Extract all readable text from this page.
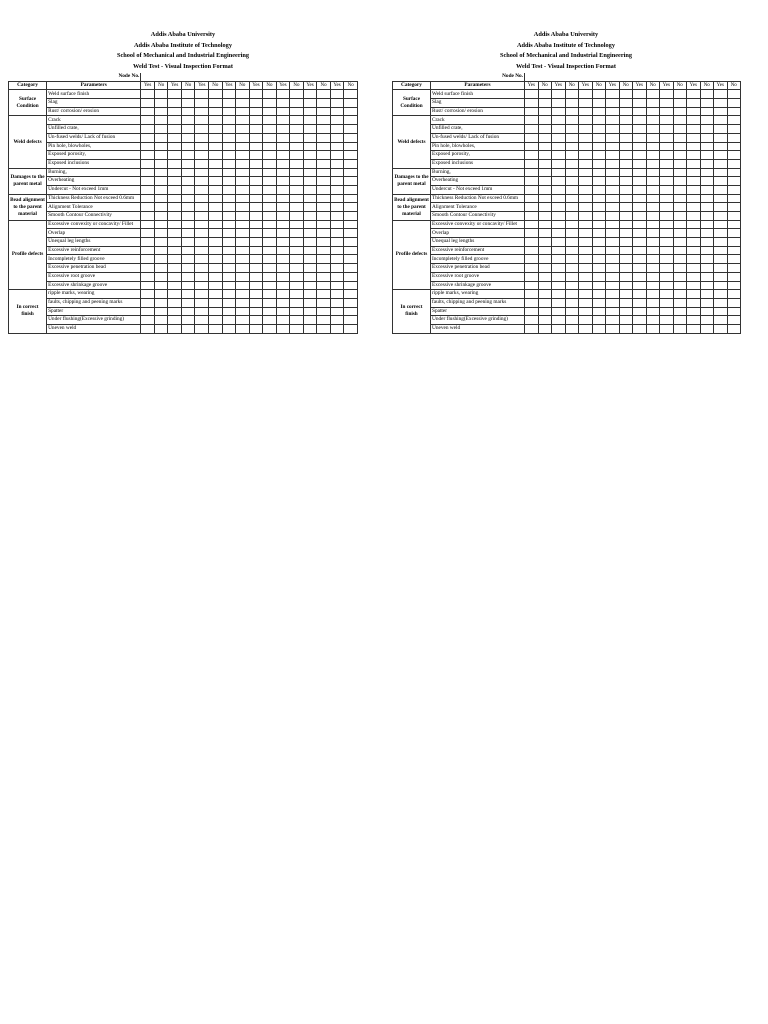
Addis Ababa University
Addis Ababa Institute of Technology
School of Mechanical and Industrial Engineering
Weld Test - Visual Inspection Format
	Node No.																
Category	Parameters	Yes	No	Yes	No	Yes	No	Yes	No	Yes	No	Yes	No	Yes	No	Yes	No
Surface Condition	Weld surface finish																
	Slag																
	Rust/ corrosion/ erosion																
Weld defects	Crack																
	Unfilled crate,																
	Un-fused welds/ Lack of fusion																
	Pin hole, blowholes,																
	Exposed porosity,																
	Exposed inclusions																
Damages to the parent metal	Burning,																
	Overheating																
	Undercut - Not exceed 1mm																
Bead alignment to the parent material	Thickness Reduction Not exceed 0.6mm																
	Alignment Tolerance																
	Smooth Contour Connectivity																
Profile defects	Excessive convexity or concavity/ Fillet																
	Overlap																
	Unequal leg lengths																
	Excessive reinforcement																
	Incompletely filled groove																
	Excessive penetration bead																
	Excessive root groove																
	Excessive shrinkage groove																
In correct finish	ripple marks, wearing																
	faults, chipping and peening marks																
	Spatter																
	Under flushing(Excessive grinding)																
	Uneven weld																
Addis Ababa University
Addis Ababa Institute of Technology
School of Mechanical and Industrial Engineering
Weld Test - Visual Inspection Format
	Node No.																
Category	Parameters	Yes	No	Yes	No	Yes	No	Yes	No	Yes	No	Yes	No	Yes	No	Yes	No
Surface Condition	Weld surface finish																
	Slag																
	Rust/ corrosion/ erosion																
Weld defects	Crack																
	Unfilled crate,																
	Un-fused welds/ Lack of fusion																
	Pin hole, blowholes,																
	Exposed porosity,																
	Exposed inclusions																
Damages to the parent metal	Burning,																
	Overheating																
	Undercut - Not exceed 1mm																
Bead alignment to the parent material	Thickness Reduction Not exceed 0.6mm																
	Alignment Tolerance																
	Smooth Contour Connectivity																
Profile defects	Excessive convexity or concavity/ Fillet																
	Overlap																
	Unequal leg lengths																
	Excessive reinforcement																
	Incompletely filled groove																
	Excessive penetration bead																
	Excessive root groove																
	Excessive shrinkage groove																
In correct finish	ripple marks, wearing																
	faults, chipping and peening marks																
	Spatter																
	Under flushing(Excessive grinding)																
	Uneven weld																
